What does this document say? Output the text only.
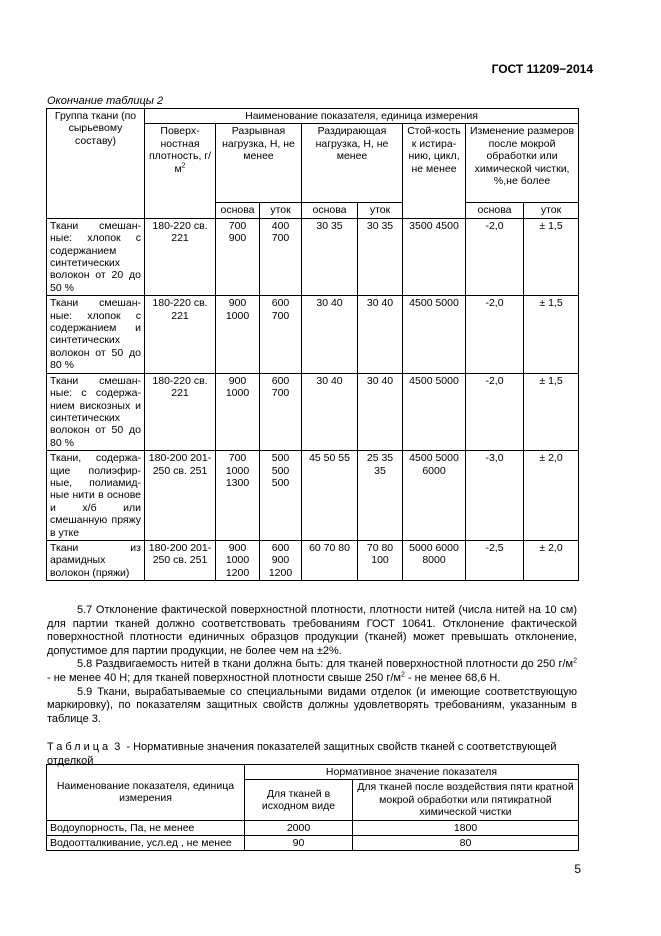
ГОСТ 11209−2014
Окончание таблицы 2
Группа ткани (по сырьевому составу)	Наименование показателя, единица измерения							
	Поверх-ностная плотность, $г/м^2$	Разрывная нагрузка, Н, не менее		Раздирающая нагрузка, Н, не менее		Стой-кость к истира-нию, цикл, не менее	Изменение размеров после мокрой обработки или химической чистки, %,не более	
		основа	уток	основа	уток		основа	уток
Ткани смешан-ные: хлопок с содержанием синтетических волокон от 20 до 50 %	180-220 св. 221	700 900	400 700	30 35	30 35	3500 4500	-2,0	± 1,5
Ткани смешан-ные: хлопок с содержанием и синтетических волокон от 50 до 80 %	180-220 св. 221	900 1000	600 700	30 40	30 40	4500 5000	-2,0	± 1,5
Ткани смешан-ные: с содержа-нием вискозных и синтетических волокон от 50 до 80 %	180-220 св. 221	900 1000	600 700	30 40	30 40	4500 5000	-2,0	± 1,5
Ткани, содержа-щие полиэфир-ные, полиамид-ные нити в основе и х/б или смешанную пряжу в утке	180-200 201-250 св. 251	700 1000 1300	500 500 500	45 50 55	25 35 35	4500 5000 6000	-3,0	± 2,0
Ткани из арамидных волокон (пряжи)	180-200 201-250 св. 251	900 1000 1200	600 900 1200	60 70 80	70 80 100	5000 6000 8000	-2,5	± 2,0

5.7 Отклонение фактической поверхностной плотности, плотности нитей (числа нитей на 10 см) для партии тканей должно соответствовать требованиям ГОСТ 10641. Отклонение фактической поверхностной плотности единичных образцов продукции (тканей) может превышать отклонение, допустимое для партии продукции, не более чем на ±2%.

5.8 Раздвигаемость нитей в ткани должна быть: для тканей поверхностной плотности до 250 $г/м^2$ - не менее 40 Н; для тканей поверхностной плотности свыше 250 $г/м^2$ - не менее 68,6 Н.

5.9 Ткани, вырабатываемые со специальными видами отделок (и имеющие соответствующую маркировку), по показателям защитных свойств должны удовлетворять требованиям, указанным в таблице 3.

Таблица 3 - Нормативные значения показателей защитных свойств тканей с соответствующей отделкой
Наименование показателя, единица измерения	Нормативное значение показателя	
	Для тканей в исходном виде	Для тканей после воздействия пяти кратной мокрой обработки или пятикратной химической чистки
Водоупорность, Па, не менее	2000	1800
Водоотталкивание, усл.ед , не менее	90	80
5
